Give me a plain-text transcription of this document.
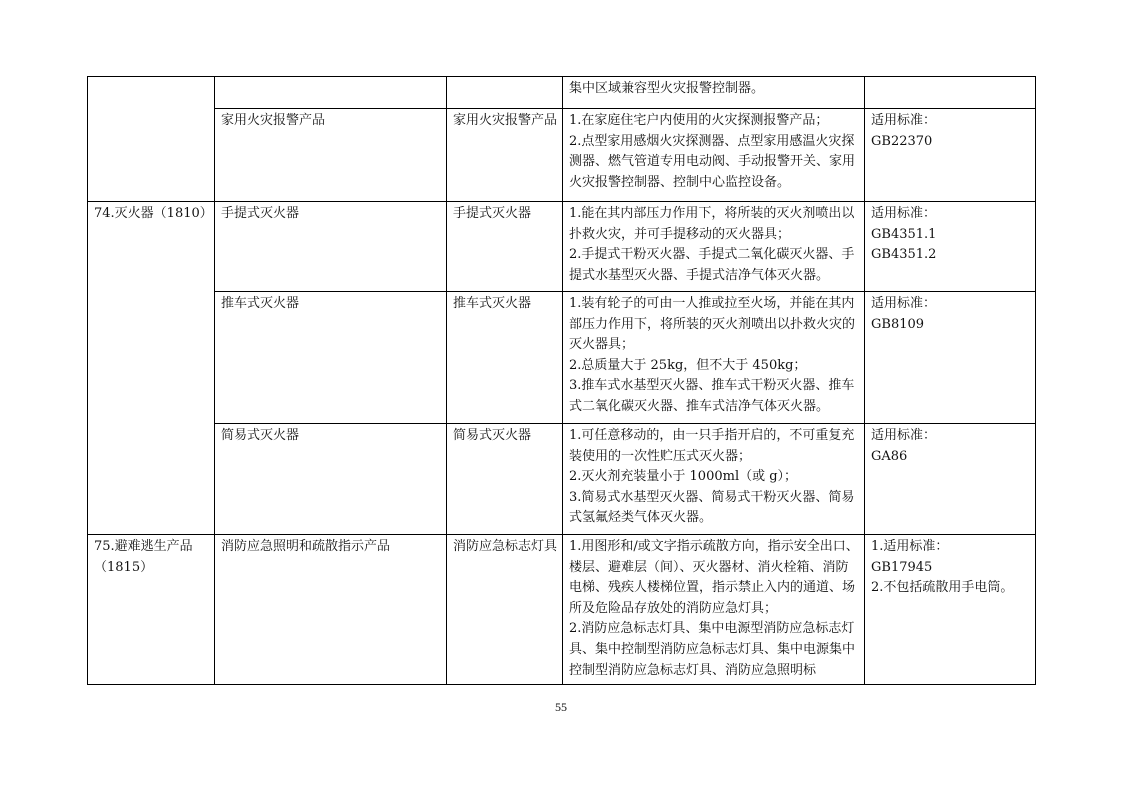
			集中区域兼容型火灾报警控制器。	

	家用火灾报警产品	家用火灾报警产品	1.在家庭住宅户内使用的火灾探测报警产品；
2.点型家用感烟火灾探测器、点型家用感温火灾探测器、燃气管道专用电动阀、手动报警开关、家用火灾报警控制器、控制中心监控设备。	适用标准：
GB22370

74.灭火器（1810）	手提式灭火器	手提式灭火器	1.能在其内部压力作用下，将所装的灭火剂喷出以扑救火灾，并可手提移动的灭火器具；
2.手提式干粉灭火器、手提式二氧化碳灭火器、手提式水基型灭火器、手提式洁净气体灭火器。	适用标准：
GB4351.1
GB4351.2

	推车式灭火器	推车式灭火器	1.装有轮子的可由一人推或拉至火场，并能在其内部压力作用下，将所装的灭火剂喷出以扑救火灾的灭火器具；
2.总质量大于 25kg，但不大于 450kg；
3.推车式水基型灭火器、推车式干粉灭火器、推车式二氧化碳灭火器、推车式洁净气体灭火器。	适用标准：
GB8109

	简易式灭火器	简易式灭火器	1.可任意移动的，由一只手指开启的，不可重复充装使用的一次性贮压式灭火器；
2.灭火剂充装量小于 1000ml（或 g）；
3.简易式水基型灭火器、简易式干粉灭火器、简易式氢氟烃类气体灭火器。	适用标准：
GA86

75.避难逃生产品（1815）	消防应急照明和疏散指示产品	消防应急标志灯具	1.用图形和/或文字指示疏散方向，指示安全出口、楼层、避难层（间）、灭火器材、消火栓箱、消防电梯、残疾人楼梯位置，指示禁止入内的通道、场所及危险品存放处的消防应急灯具；
2.消防应急标志灯具、集中电源型消防应急标志灯具、集中控制型消防应急标志灯具、集中电源集中控制型消防应急标志灯具、消防应急照明标	1.适用标准：
GB17945
2.不包括疏散用手电筒。
55
